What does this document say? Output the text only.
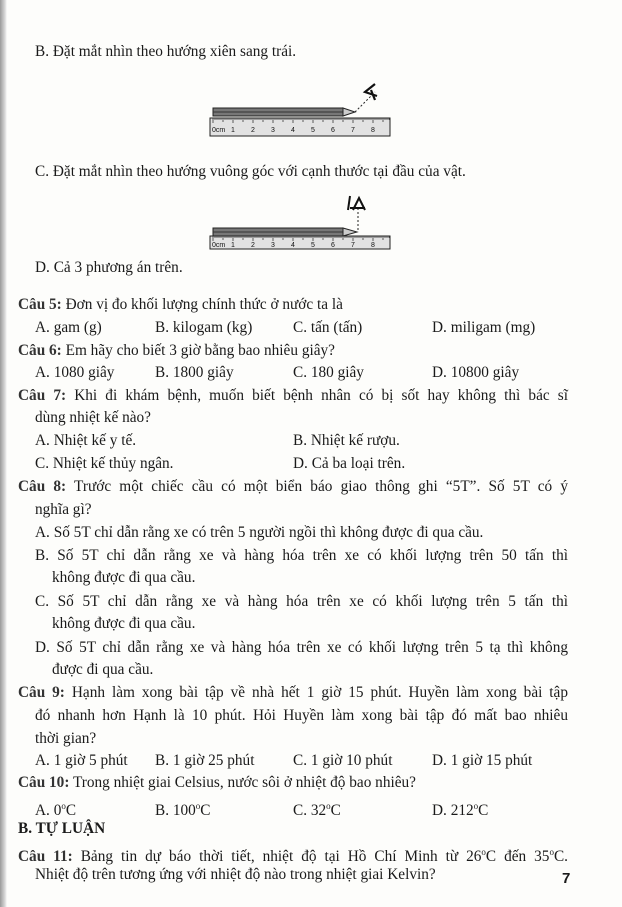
B. Đặt mắt nhìn theo hướng xiên sang trái.
0cm 1 2 3 4 5 6 7 8
C. Đặt mắt nhìn theo hướng vuông góc với cạnh thước tại đầu của vật.
0cm 1 2 3 4 5 6 7 8
D. Cả 3 phương án trên.
Câu 5: Đơn vị đo khối lượng chính thức ở nước ta là
A. gam (g)	B. kilogam (kg)	C. tấn (tấn)	D. miligam (mg)
Câu 6: Em hãy cho biết 3 giờ bằng bao nhiêu giây?
A. 1080 giây	B. 1800 giây	C. 180 giây	D. 10800 giây
Câu 7: Khi đi khám bệnh, muốn biết bệnh nhân có bị sốt hay không thì bác sĩ
dùng nhiệt kế nào?
A. Nhiệt kế y tế.	B. Nhiệt kế rượu.
C. Nhiệt kế thủy ngân.	D. Cả ba loại trên.
Câu 8: Trước một chiếc cầu có một biển báo giao thông ghi “5T”. Số 5T có ý
nghĩa gì?
A. Số 5T chỉ dẫn rằng xe có trên 5 người ngồi thì không được đi qua cầu.
B. Số 5T chỉ dẫn rằng xe và hàng hóa trên xe có khối lượng trên 50 tấn thì
không được đi qua cầu.
C. Số 5T chỉ dẫn rằng xe và hàng hóa trên xe có khối lượng trên 5 tấn thì
không được đi qua cầu.
D. Số 5T chỉ dẫn rằng xe và hàng hóa trên xe có khối lượng trên 5 tạ thì không
được đi qua cầu.
Câu 9: Hạnh làm xong bài tập về nhà hết 1 giờ 15 phút. Huyền làm xong bài tập
đó nhanh hơn Hạnh là 10 phút. Hỏi Huyền làm xong bài tập đó mất bao nhiêu
thời gian?
A. 1 giờ 5 phút B. 1 giờ 25 phút	C. 1 giờ 10 phút	D. 1 giờ 15 phút
Câu 10: Trong nhiệt giai Celsius, nước sôi ở nhiệt độ bao nhiêu?
A. 0$^o$C	B. 100$^o$C	C. 32$^o$C	D. 212$^o$C
B. TỰ LUẬN
Câu 11: Bảng tin dự báo thời tiết, nhiệt độ tại Hồ Chí Minh từ 26$^o$C đến 35$^o$C.
Nhiệt độ trên tương ứng với nhiệt độ nào trong nhiệt giai Kelvin?	7
